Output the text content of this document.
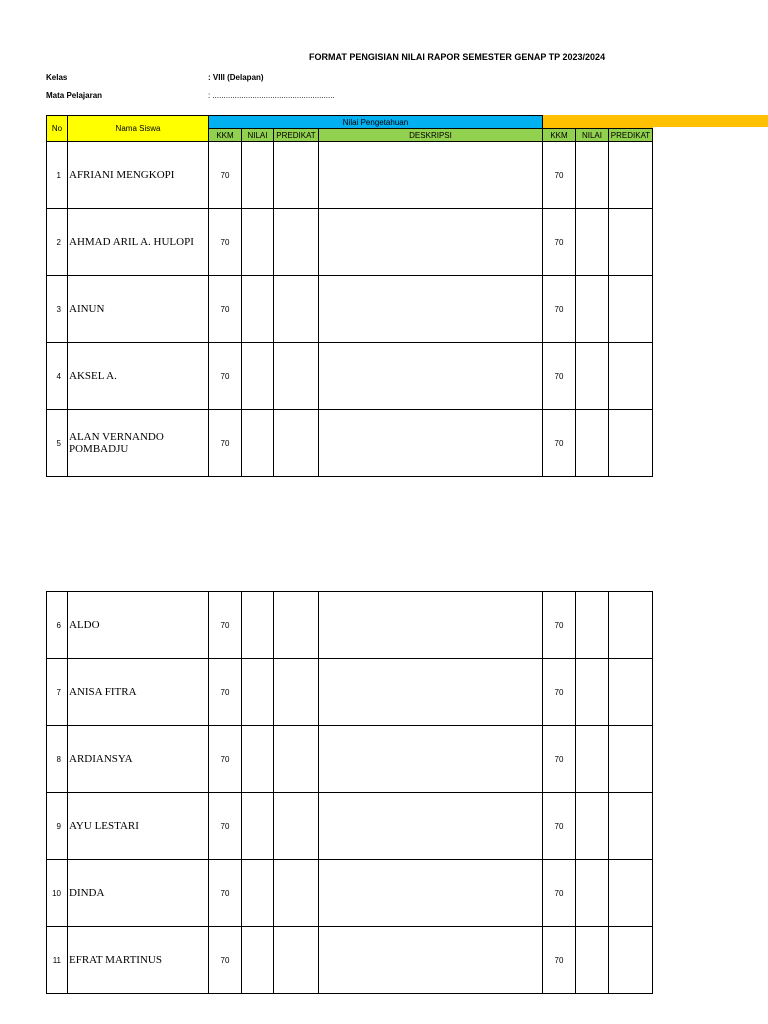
FORMAT PENGISIAN NILAI RAPOR SEMESTER GENAP TP 2023/2024
Kelas	: VIII (Delapan)
Mata Pelajaran	: .......................................................
No	Nama Siswa	Nilai Pengetahuan						
		KKM	NILAI	PREDIKAT	DESKRIPSI	KKM	NILAI	PREDIKAT
1	AFRIANI MENGKOPI	70				70		
2	AHMAD ARIL A. HULOPI	70				70		
3	AINUN	70				70		
4	AKSEL A.	70				70		
5	ALAN VERNANDO POMBADJU	70				70		
6	ALDO	70				70		
7	ANISA FITRA	70				70		
8	ARDIANSYA	70				70		
9	AYU LESTARI	70				70		
10	DINDA	70				70		
11	EFRAT MARTINUS	70				70		
